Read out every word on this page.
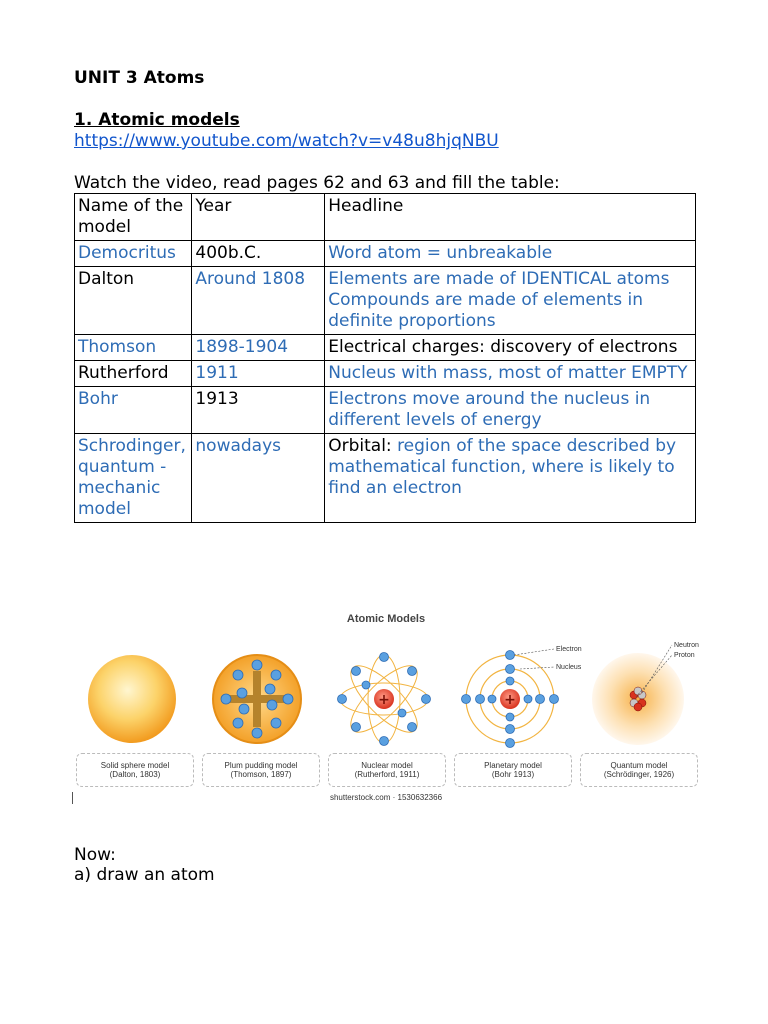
UNIT 3 Atoms
1. Atomic models
https://www.youtube.com/watch?v=v48u8hjqNBU
Watch the video, read pages 62 and 63 and fill the table:
Name of the model	Year	Headline
Democritus	400b.C.	Word atom = unbreakable
Dalton	Around 1808	Elements are made of IDENTICAL atoms
Compounds are made of elements in definite proportions
Thomson	1898-1904	Electrical charges: discovery of electrons
Rutherford	1911	Nucleus with mass, most of matter EMPTY
Bohr	1913	Electrons move around the nucleus in different levels of energy
Schrodinger, quantum - mechanic model	nowadays	Orbital: region of the space described by mathematical function, where is likely to find an electron
Atomic Models
+	+
Electron
Nucleus
Neutron
Proton
Solid sphere model
(Dalton, 1803)
Plum pudding model
(Thomson, 1897)
Nuclear model
(Rutherford, 1911)
Planetary model
(Bohr 1913)
Quantum model
(Schrödinger, 1926)
shutterstock.com · 1530632366
Now:
a) draw an atom
